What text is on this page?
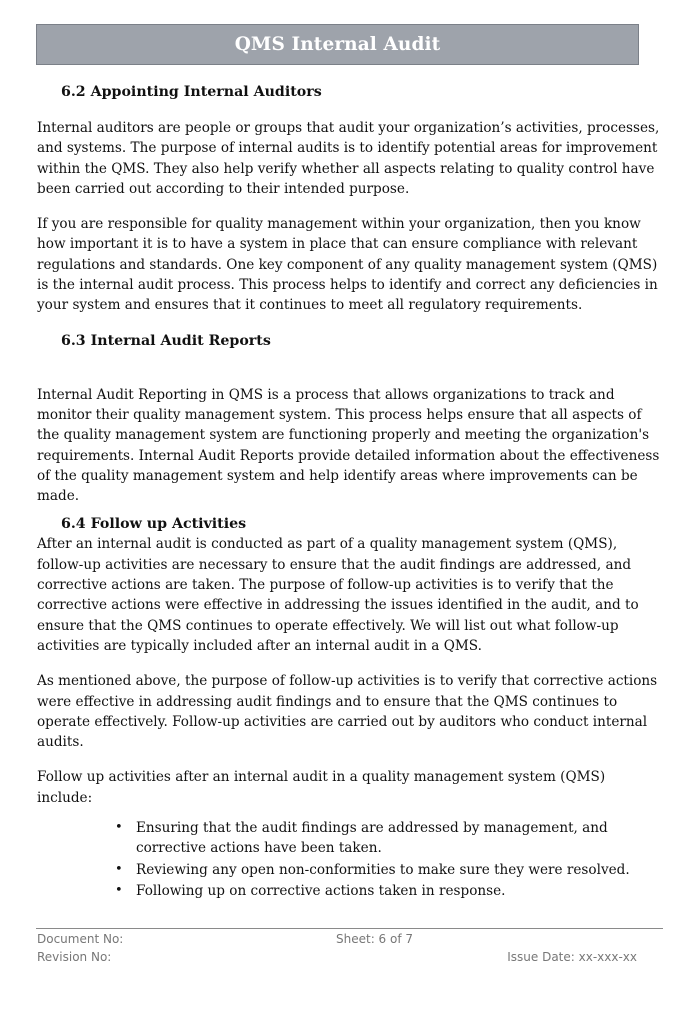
QMS Internal Audit
6.2 Appointing Internal Auditors

Internal auditors are people or groups that audit your organization’s activities, processes, and systems. The purpose of internal audits is to identify potential areas for improvement within the QMS. They also help verify whether all aspects relating to quality control have been carried out according to their intended purpose.

If you are responsible for quality management within your organization, then you know how important it is to have a system in place that can ensure compliance with relevant regulations and standards. One key component of any quality management system (QMS) is the internal audit process. This process helps to identify and correct any deficiencies in your system and ensures that it continues to meet all regulatory requirements.

6.3 Internal Audit Reports

Internal Audit Reporting in QMS is a process that allows organizations to track and monitor their quality management system. This process helps ensure that all aspects of the quality management system are functioning properly and meeting the organization's requirements. Internal Audit Reports provide detailed information about the effectiveness of the quality management system and help identify areas where improvements can be made.

6.4 Follow up Activities

After an internal audit is conducted as part of a quality management system (QMS), follow-up activities are necessary to ensure that the audit findings are addressed, and corrective actions are taken. The purpose of follow-up activities is to verify that the corrective actions were effective in addressing the issues identified in the audit, and to ensure that the QMS continues to operate effectively. We will list out what follow-up activities are typically included after an internal audit in a QMS.

As mentioned above, the purpose of follow-up activities is to verify that corrective actions were effective in addressing audit findings and to ensure that the QMS continues to operate effectively. Follow-up activities are carried out by auditors who conduct internal audits.

Follow up activities after an internal audit in a quality management system (QMS) include:

• Ensuring that the audit findings are addressed by management, and corrective actions have been taken.
• Reviewing any open non-conformities to make sure they were resolved.
• Following up on corrective actions taken in response.
Document No:	Sheet: 6 of 7
Revision No:	Issue Date: xx-xxx-xx
